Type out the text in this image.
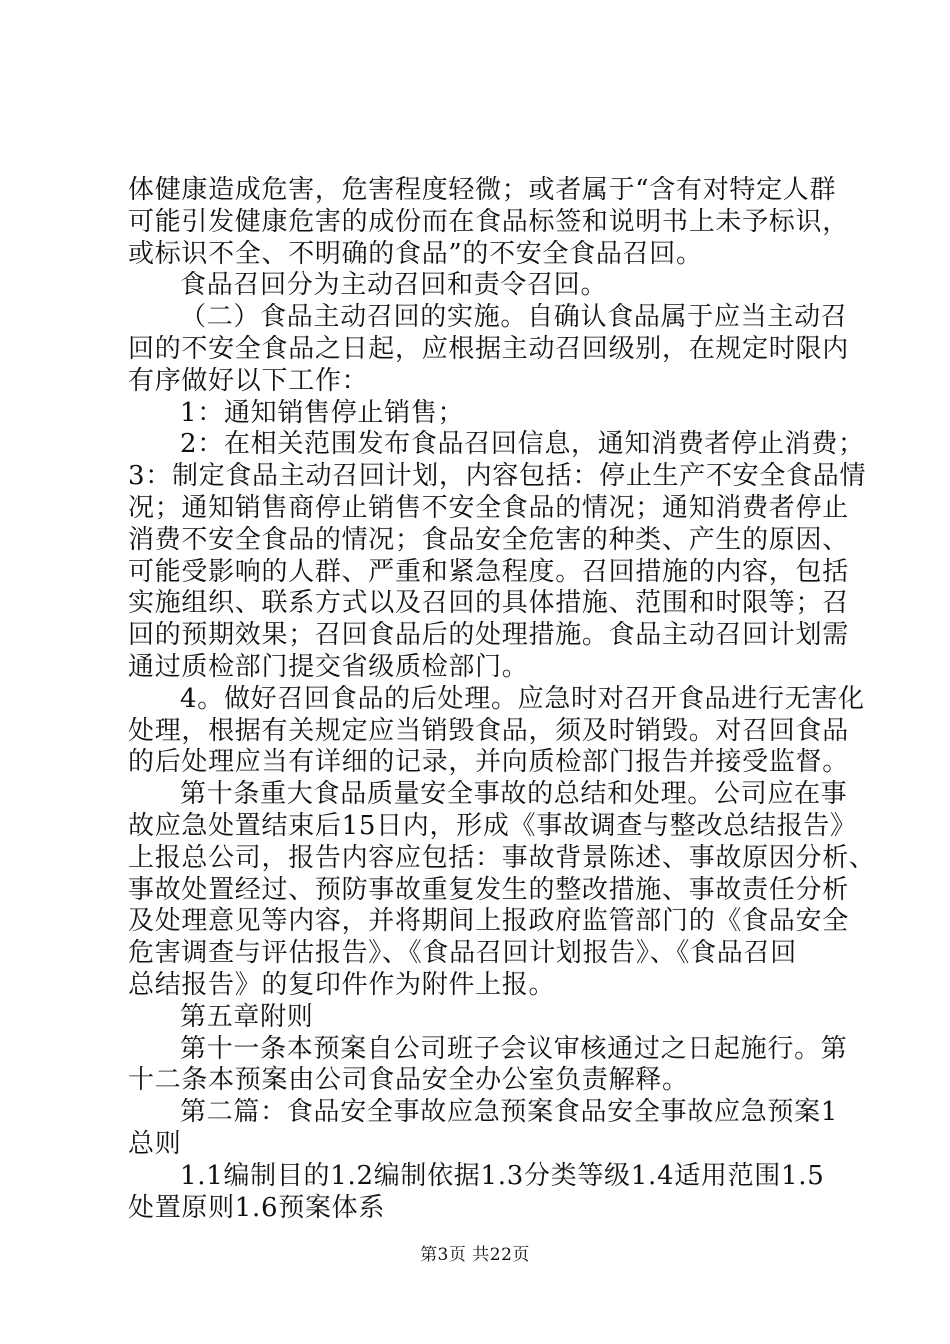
体健康造成危害，危害程度轻微；或者属于“含有对特定人群
可能引发健康危害的成份而在食品标签和说明书上未予标识，
或标识不全、不明确的食品”的不安全食品召回。
食品召回分为主动召回和责令召回。
（二）食品主动召回的实施。自确认食品属于应当主动召
回的不安全食品之日起，应根据主动召回级别，在规定时限内
有序做好以下工作：
1：通知销售停止销售；
2：在相关范围发布食品召回信息，通知消费者停止消费；
3：制定食品主动召回计划，内容包括：停止生产不安全食品情
况；通知销售商停止销售不安全食品的情况；通知消费者停止
消费不安全食品的情况；食品安全危害的种类、产生的原因、
可能受影响的人群、严重和紧急程度。召回措施的内容，包括
实施组织、联系方式以及召回的具体措施、范围和时限等；召
回的预期效果；召回食品后的处理措施。食品主动召回计划需
通过质检部门提交省级质检部门。
4。做好召回食品的后处理。应急时对召开食品进行无害化
处理，根据有关规定应当销毁食品，须及时销毁。对召回食品
的后处理应当有详细的记录，并向质检部门报告并接受监督。
第十条重大食品质量安全事故的总结和处理。公司应在事
故应急处置结束后15日内，形成《事故调查与整改总结报告》
上报总公司，报告内容应包括：事故背景陈述、事故原因分析、
事故处置经过、预防事故重复发生的整改措施、事故责任分析
及处理意见等内容，并将期间上报政府监管部门的《食品安全
危害调查与评估报告》、《食品召回计划报告》、《食品召回
总结报告》的复印件作为附件上报。
第五章附则
第十一条本预案自公司班子会议审核通过之日起施行。第
十二条本预案由公司食品安全办公室负责解释。
第二篇：食品安全事故应急预案食品安全事故应急预案1
总则
1.1编制目的1.2编制依据1.3分类等级1.4适用范围1.5
处置原则1.6预案体系
第3页 共22页
